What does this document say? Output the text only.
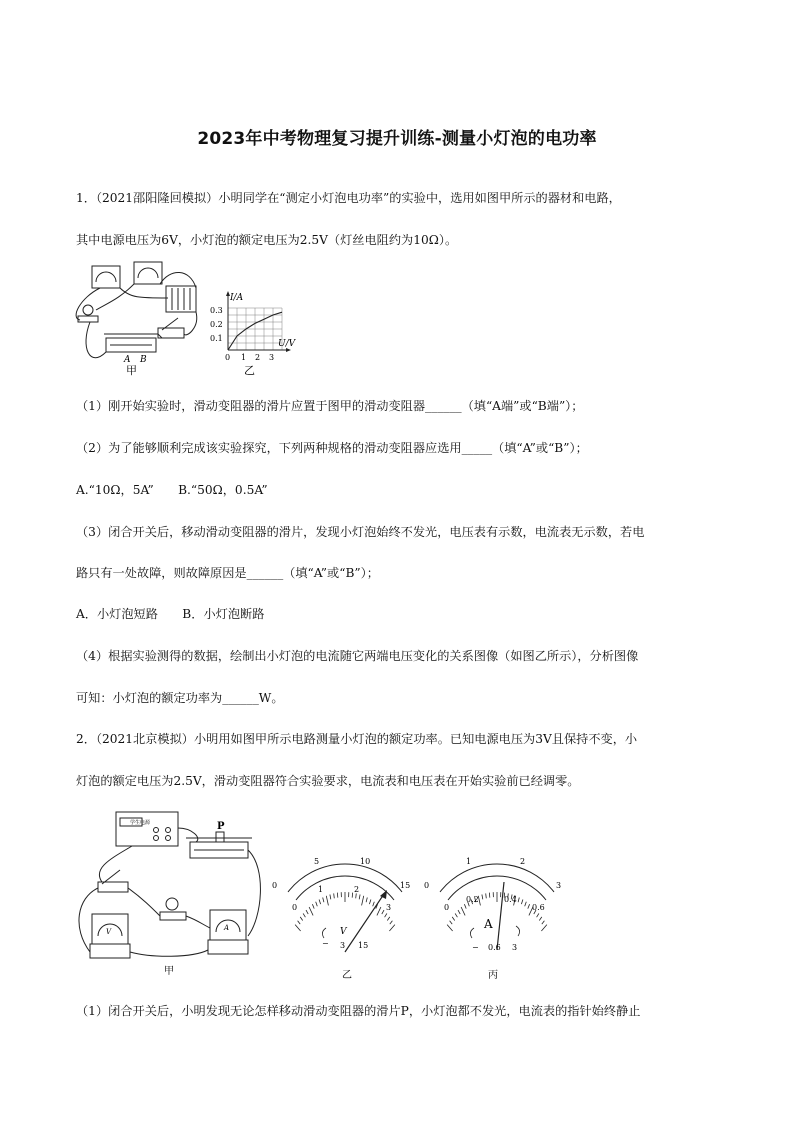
2023年中考物理复习提升训练-测量小灯泡的电功率
1．（2021邵阳隆回模拟）小明同学在“测定小灯泡电功率”的实验中，选用如图甲所示的器材和电路，
其中电源电压为6V，小灯泡的额定电压为2.5V（灯丝电阻约为10Ω）。
A B
甲
I/A
U/V
0.3
0.2
0.1
0 1 2 3
乙
（1）刚开始实验时，滑动变阻器的滑片应置于图甲的滑动变阻器______（填“A端”或“B端”）；
（2）为了能够顺利完成该实验探究，下列两种规格的滑动变阻器应选用_____（填“A”或“B”）；
A.“10Ω，5A”　　B.“50Ω，0.5A”
（3）闭合开关后，移动滑动变阻器的滑片，发现小灯泡始终不发光，电压表有示数，电流表无示数，若电
路只有一处故障，则故障原因是______（填“A”或“B”）；
A．小灯泡短路　　B．小灯泡断路
（4）根据实验测得的数据，绘制出小灯泡的电流随它两端电压变化的关系图像（如图乙所示），分析图像
可知：小灯泡的额定功率为______W。
2．（2021北京模拟）小明用如图甲所示电路测量小灯泡的额定功率。已知电源电压为3V且保持不变，小
灯泡的额定电压为2.5V，滑动变阻器符合实验要求，电流表和电压表在开始实验前已经调零。
学生电源	P
V	A
甲
0
5	10
15
0
1	2
3
V
− 3 15
乙
0
1	2
3
0
0.2	0.4
0.6
A
− 0.6 3
丙
（1）闭合开关后，小明发现无论怎样移动滑动变阻器的滑片P，小灯泡都不发光，电流表的指针始终静止
